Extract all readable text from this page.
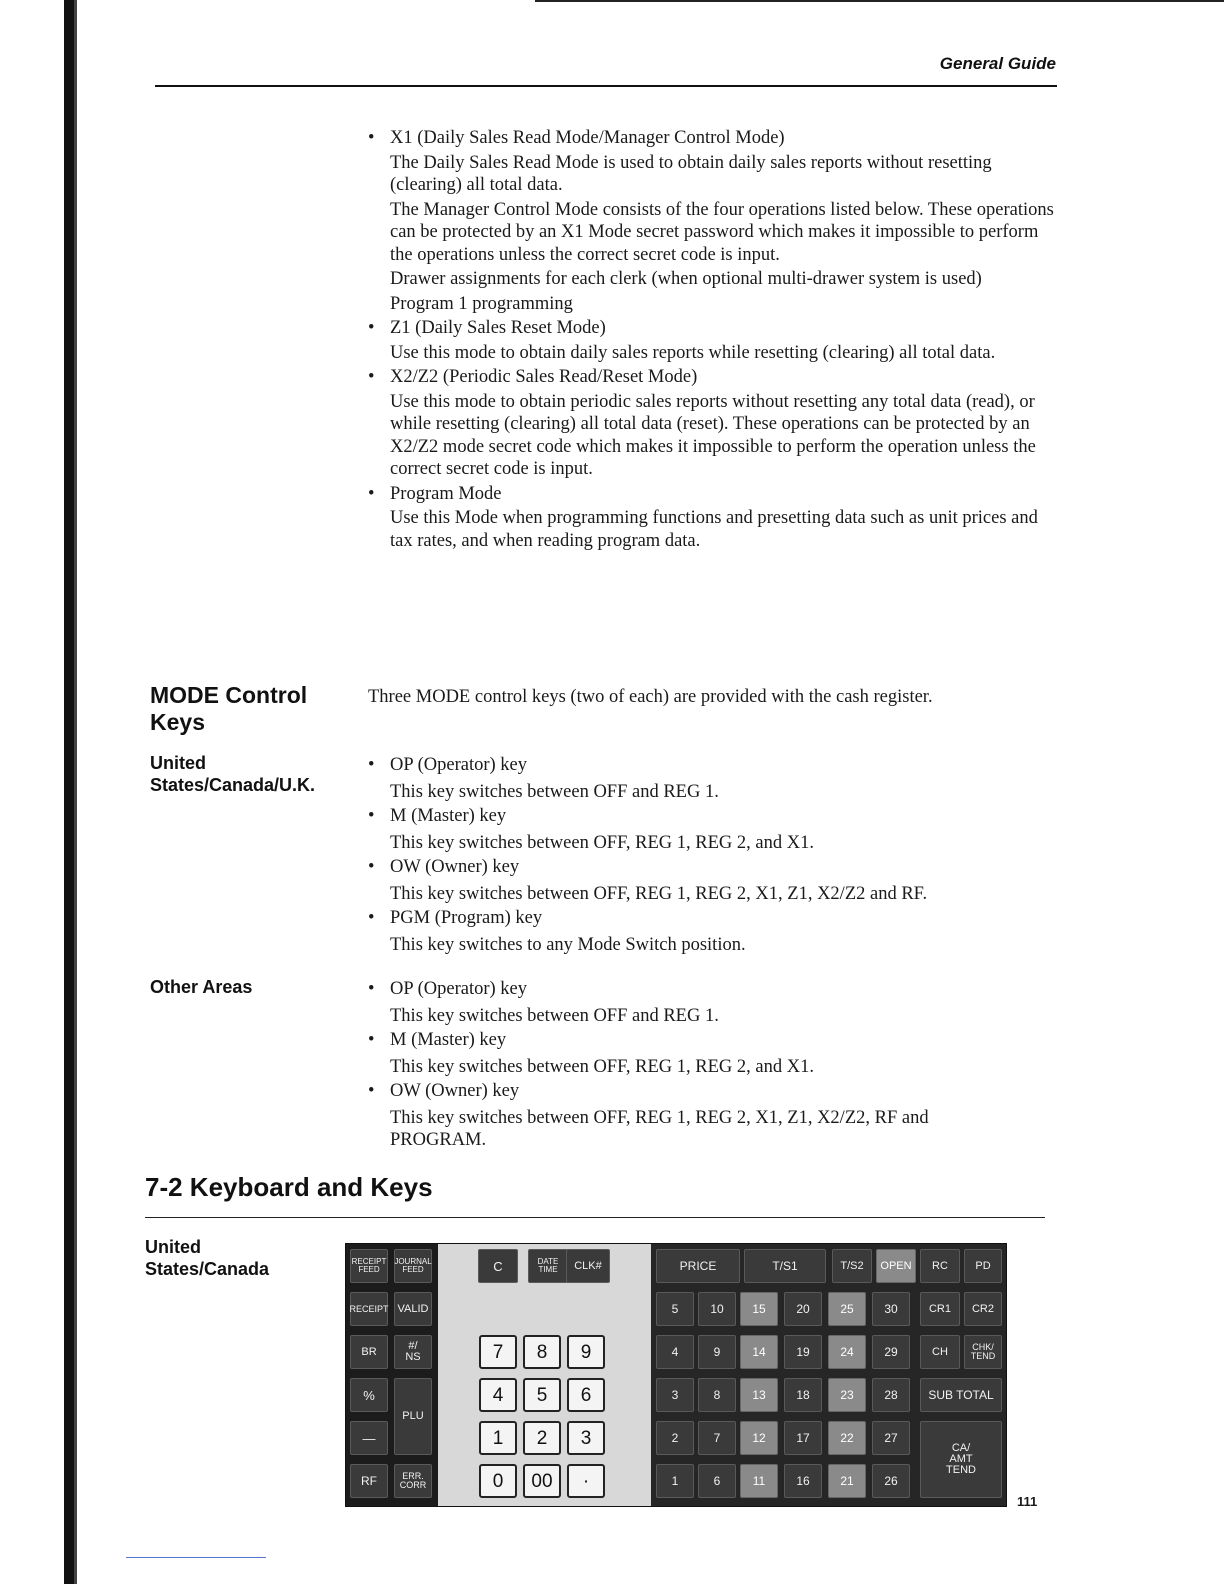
General Guide

• X1 (Daily Sales Read Mode/Manager Control Mode)

The Daily Sales Read Mode is used to obtain daily sales reports without resetting (clearing) all total data.

The Manager Control Mode consists of the four operations listed below. These operations can be protected by an X1 Mode secret password which makes it impossible to perform the operations unless the correct secret code is input.

Drawer assignments for each clerk (when optional multi-drawer system is used)

Program 1 programming

• Z1 (Daily Sales Reset Mode)

Use this mode to obtain daily sales reports while resetting (clearing) all total data.

• X2/Z2 (Periodic Sales Read/Reset Mode)

Use this mode to obtain periodic sales reports without resetting any total data (read), or while resetting (clearing) all total data (reset). These operations can be protected by an X2/Z2 mode secret code which makes it impossible to perform the operation unless the correct secret code is input.

• Program Mode

Use this Mode when programming functions and presetting data such as unit prices and tax rates, and when reading program data.

MODE Control Keys
Three MODE control keys (two of each) are provided with the cash register.
United States/Canada/U.K.

• OP (Operator) key

This key switches between OFF and REG 1.

• M (Master) key

This key switches between OFF, REG 1, REG 2, and X1.

• OW (Owner) key

This key switches between OFF, REG 1, REG 2, X1, Z1, X2/Z2 and RF.

• PGM (Program) key

This key switches to any Mode Switch position.

Other Areas

•	OP (Operator) key

This key switches between OFF and REG 1.

• M (Master) key

This key switches between OFF, REG 1, REG 2, and X1.

• OW (Owner) key

This key switches between OFF, REG 1, REG 2, X1, Z1, X2/Z2, RF and PROGRAM.

7-2 Keyboard and Keys
United States/Canada	RECEIPT
FEED
JOURNAL
FEED
RECEIPT VALID
BR	#/
NS
%
PLU
—
RF	ERR.
CORR
C	DATE
TIME CLK#
7 8 9
4 5 6
1 2 3
0 00 ·
PRICE	T/S1	T/S2 OPEN RC PD
5	10 15	20	25	30
4	9	14	19	24	29
3	8	13	18	23	28
2	7	12	17	22	27
1	6	11	16	21	26
CR1 CR2
CH	CHK/
TEND
SUB TOTAL
CA/
AMT
TEND
111
